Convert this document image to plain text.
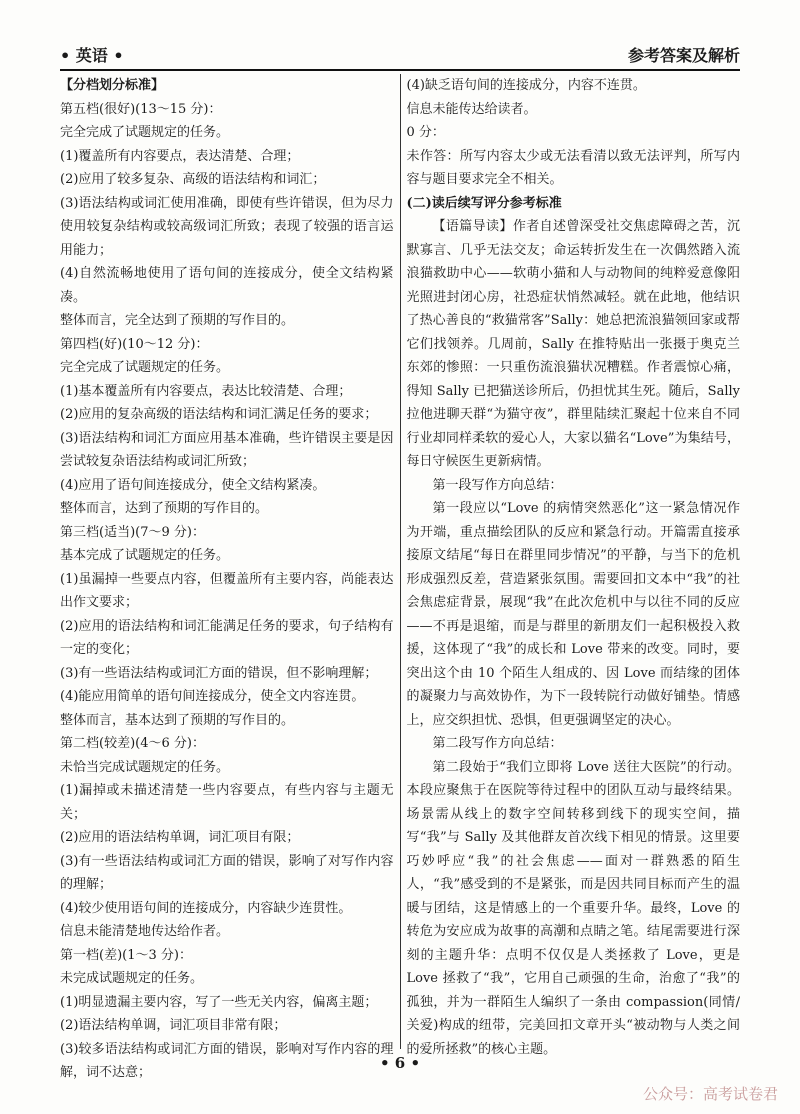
• 英语 •	参考答案及解析

【分档划分标准】

第五档(很好)(13～15 分)：

完全完成了试题规定的任务。

(1)覆盖所有内容要点，表达清楚、合理；

(2)应用了较多复杂、高级的语法结构和词汇；

(3)语法结构或词汇使用准确，即使有些许错误，但为尽力使用较复杂结构或较高级词汇所致；表现了较强的语言运用能力；

(4)自然流畅地使用了语句间的连接成分，使全文结构紧凑。

整体而言，完全达到了预期的写作目的。

第四档(好)(10～12 分)：

完全完成了试题规定的任务。

(1)基本覆盖所有内容要点，表达比较清楚、合理；

(2)应用的复杂高级的语法结构和词汇满足任务的要求；

(3)语法结构和词汇方面应用基本准确，些许错误主要是因尝试较复杂语法结构或词汇所致；

(4)应用了语句间连接成分，使全文结构紧凑。

整体而言，达到了预期的写作目的。

第三档(适当)(7～9 分)：

基本完成了试题规定的任务。

(1)虽漏掉一些要点内容，但覆盖所有主要内容，尚能表达出作文要求；

(2)应用的语法结构和词汇能满足任务的要求，句子结构有一定的变化；

(3)有一些语法结构或词汇方面的错误，但不影响理解；

(4)能应用简单的语句间连接成分，使全文内容连贯。

整体而言，基本达到了预期的写作目的。

第二档(较差)(4～6 分)：

未恰当完成试题规定的任务。

(1)漏掉或未描述清楚一些内容要点，有些内容与主题无关；

(2)应用的语法结构单调，词汇项目有限；

(3)有一些语法结构或词汇方面的错误，影响了对写作内容的理解；

(4)较少使用语句间的连接成分，内容缺少连贯性。

信息未能清楚地传达给作者。

第一档(差)(1～3 分)：

未完成试题规定的任务。

(1)明显遗漏主要内容，写了一些无关内容，偏离主题；

(2)语法结构单调，词汇项目非常有限；

(3)较多语法结构或词汇方面的错误，影响对写作内容的理解，词不达意；

(4)缺乏语句间的连接成分，内容不连贯。

信息未能传达给读者。

0 分：

未作答：所写内容太少或无法看清以致无法评判，所写内容与题目要求完全不相关。

(二)读后续写评分参考标准

【语篇导读】作者自述曾深受社交焦虑障碍之苦，沉默寡言、几乎无法交友；命运转折发生在一次偶然踏入流浪猫救助中心——软萌小猫和人与动物间的纯粹爱意像阳光照进封闭心房，社恐症状悄然减轻。就在此地，他结识了热心善良的“救猫常客”Sally：她总把流浪猫领回家或帮它们找领养。几周前，Sally 在推特贴出一张摄于奥克兰东郊的惨照：一只重伤流浪猫状况糟糕。作者震惊心痛，得知 Sally 已把猫送诊所后，仍担忧其生死。随后，Sally 拉他进聊天群“为猫守夜”，群里陆续汇聚起十位来自不同行业却同样柔软的爱心人，大家以猫名“Love”为集结号，每日守候医生更新病情。

第一段写作方向总结：

第一段应以“Love 的病情突然恶化”这一紧急情况作为开端，重点描绘团队的反应和紧急行动。开篇需直接承接原文结尾“每日在群里同步情况”的平静，与当下的危机形成强烈反差，营造紧张氛围。需要回扣文本中“我”的社会焦虑症背景，展现“我”在此次危机中与以往不同的反应——不再是退缩，而是与群里的新朋友们一起积极投入救援，这体现了“我”的成长和 Love 带来的改变。同时，要突出这个由 10 个陌生人组成的、因 Love 而结缘的团体的凝聚力与高效协作，为下一段转院行动做好铺垫。情感上，应交织担忧、恐惧，但更强调坚定的决心。

第二段写作方向总结：

第二段始于“我们立即将 Love 送往大医院”的行动。本段应聚焦于在医院等待过程中的团队互动与最终结果。场景需从线上的数字空间转移到线下的现实空间，描写“我”与 Sally 及其他群友首次线下相见的情景。这里要巧妙呼应“我”的社会焦虑——面对一群熟悉的陌生人，“我”感受到的不是紧张，而是因共同目标而产生的温暖与团结，这是情感上的一个重要升华。最终，Love 的转危为安应成为故事的高潮和点睛之笔。结尾需要进行深刻的主题升华：点明不仅仅是人类拯救了 Love，更是 Love 拯救了“我”，它用自己顽强的生命，治愈了“我”的孤独，并为一群陌生人编织了一条由 compassion(同情/关爱)构成的纽带，完美回扣文章开头“被动物与人类之间的爱所拯救”的核心主题。

• 6 •
公众号：高考试卷君
